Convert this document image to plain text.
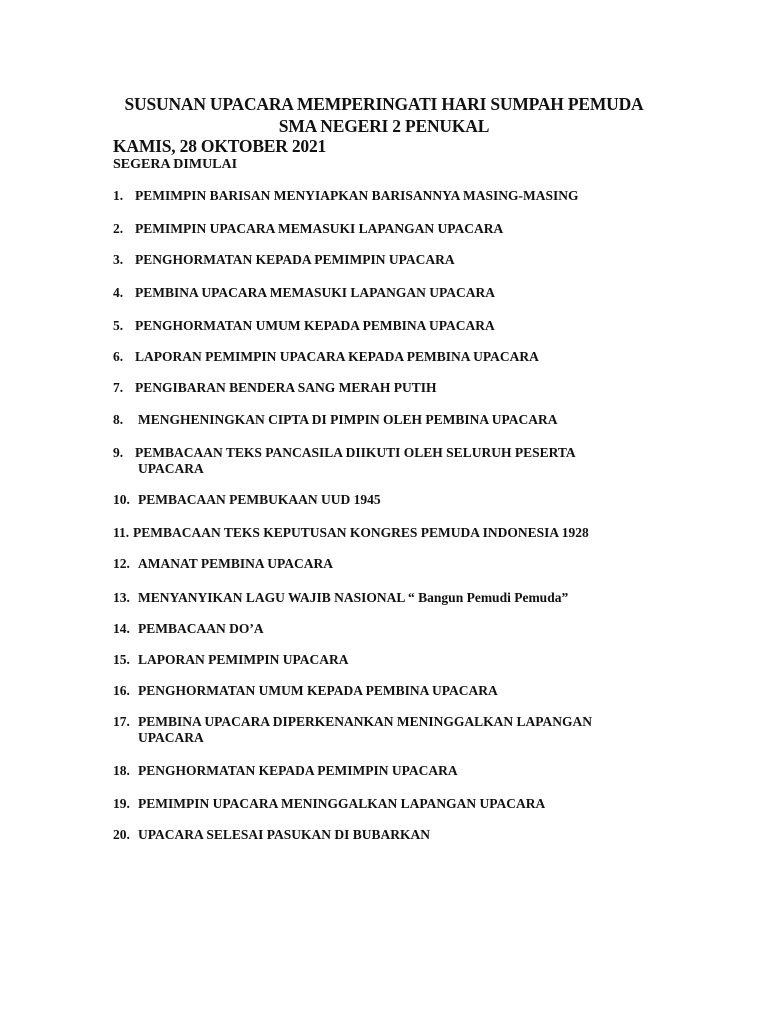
SUSUNAN UPACARA MEMPERINGATI HARI SUMPAH PEMUDA
SMA NEGERI 2 PENUKAL
KAMIS, 28 OKTOBER 2021
SEGERA DIMULAI
1. PEMIMPIN BARISAN MENYIAPKAN BARISANNYA MASING-MASING
2. PEMIMPIN UPACARA MEMASUKI LAPANGAN UPACARA
3. PENGHORMATAN KEPADA PEMIMPIN UPACARA
4. PEMBINA UPACARA MEMASUKI LAPANGAN UPACARA
5. PENGHORMATAN UMUM KEPADA PEMBINA UPACARA
6. LAPORAN PEMIMPIN UPACARA KEPADA PEMBINA UPACARA
7. PENGIBARAN BENDERA SANG MERAH PUTIH
8. MENGHENINGKAN CIPTA DI PIMPIN OLEH PEMBINA UPACARA
9. PEMBACAAN TEKS PANCASILA DIIKUTI OLEH SELURUH PESERTA
UPACARA
10. PEMBACAAN PEMBUKAAN UUD 1945
11. PEMBACAAN TEKS KEPUTUSAN KONGRES PEMUDA INDONESIA 1928
12. AMANAT PEMBINA UPACARA
13. MENYANYIKAN LAGU WAJIB NASIONAL “ Bangun Pemudi Pemuda”
14. PEMBACAAN DO’A
15. LAPORAN PEMIMPIN UPACARA
16. PENGHORMATAN UMUM KEPADA PEMBINA UPACARA
17. PEMBINA UPACARA DIPERKENANKAN MENINGGALKAN LAPANGAN
UPACARA
18. PENGHORMATAN KEPADA PEMIMPIN UPACARA
19. PEMIMPIN UPACARA MENINGGALKAN LAPANGAN UPACARA
20. UPACARA SELESAI PASUKAN DI BUBARKAN
